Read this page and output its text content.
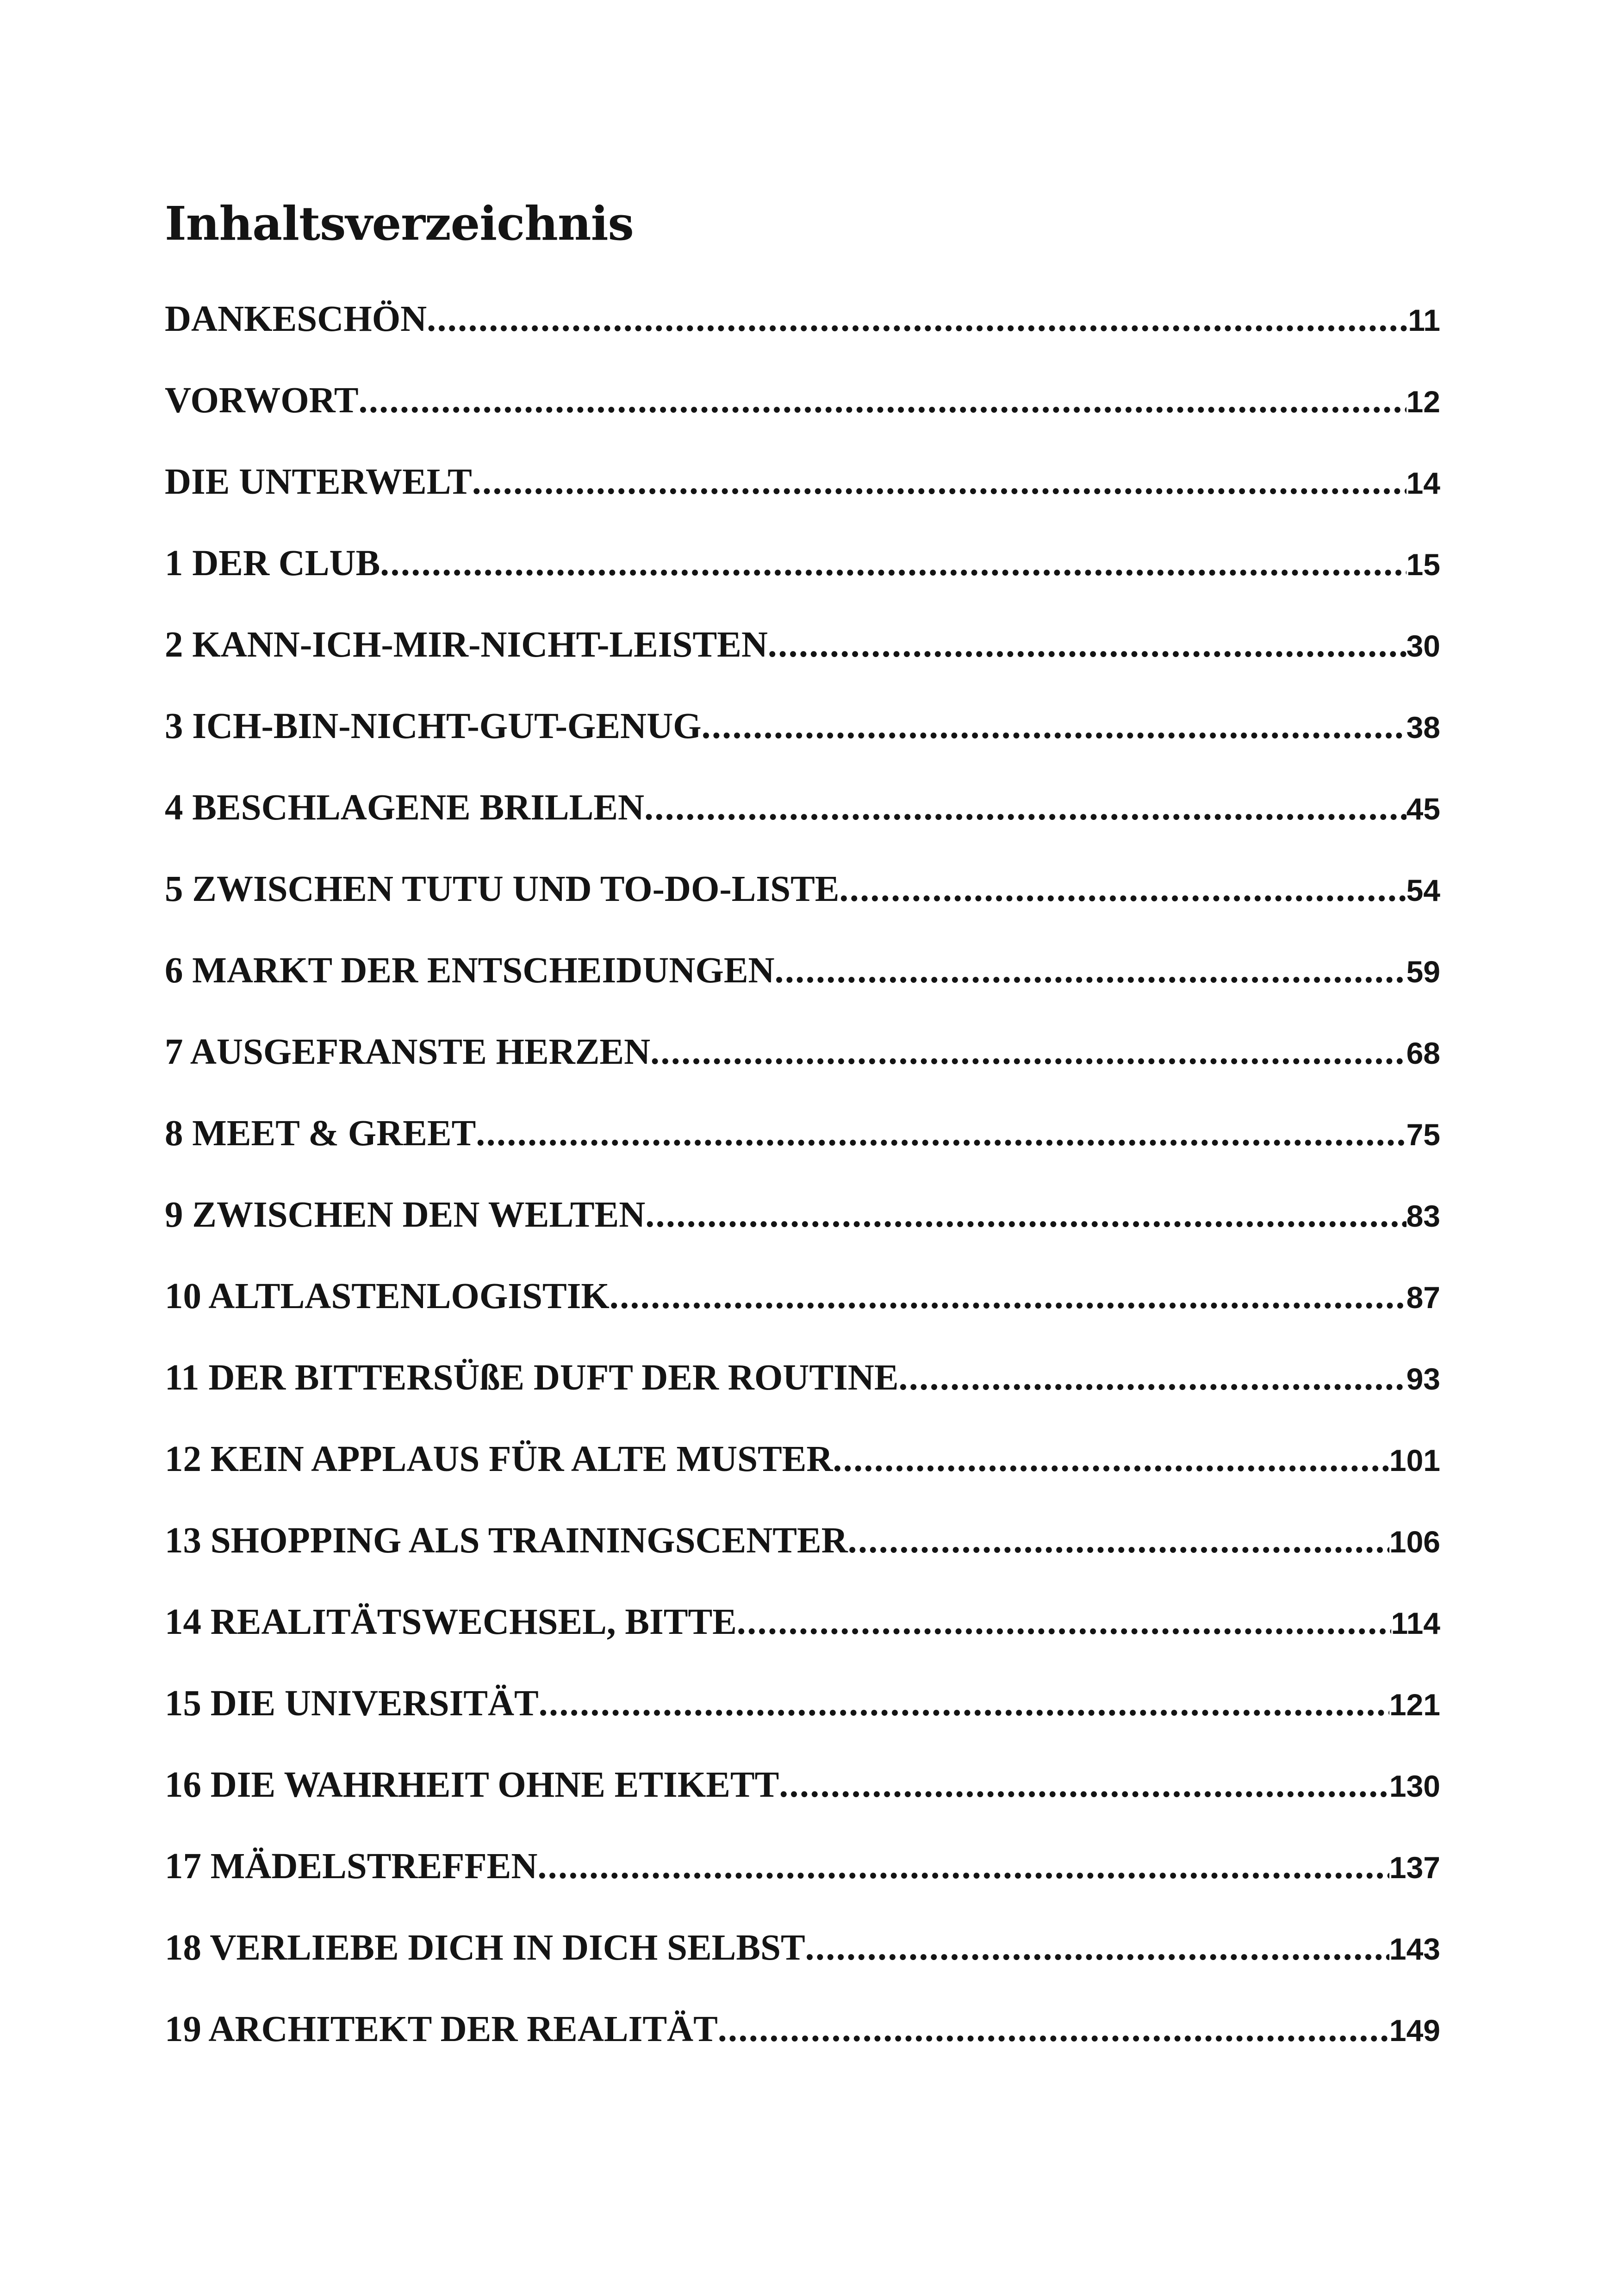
Inhaltsverzeichnis
DANKESCHÖN .....	11
VORWORT .....	12
DIE UNTERWELT .....	14
1 DER CLUB .....	15
2 KANN-ICH-MIR-NICHT-LEISTEN .....	30
3 ICH-BIN-NICHT-GUT-GENUG .....	38
4 BESCHLAGENE BRILLEN .....	45
5 ZWISCHEN TUTU UND TO-DO-LISTE .....	54
6 MARKT DER ENTSCHEIDUNGEN .....	59
7 AUSGEFRANSTE HERZEN .....	68
8 MEET & GREET .....	75
9 ZWISCHEN DEN WELTEN .....	83
10 ALTLASTENLOGISTIK .....	87
11 DER BITTERSÜßE DUFT DER ROUTINE .....	93
12 KEIN APPLAUS FÜR ALTE MUSTER .....	101
13 SHOPPING ALS TRAININGSCENTER .....	106
14 REALITÄTSWECHSEL, BITTE .....	114
15 DIE UNIVERSITÄT .....	121
16 DIE WAHRHEIT OHNE ETIKETT .....	130
17 MÄDELSTREFFEN .....	137
18 VERLIEBE DICH IN DICH SELBST .....	143
19 ARCHITEKT DER REALITÄT .....	149
